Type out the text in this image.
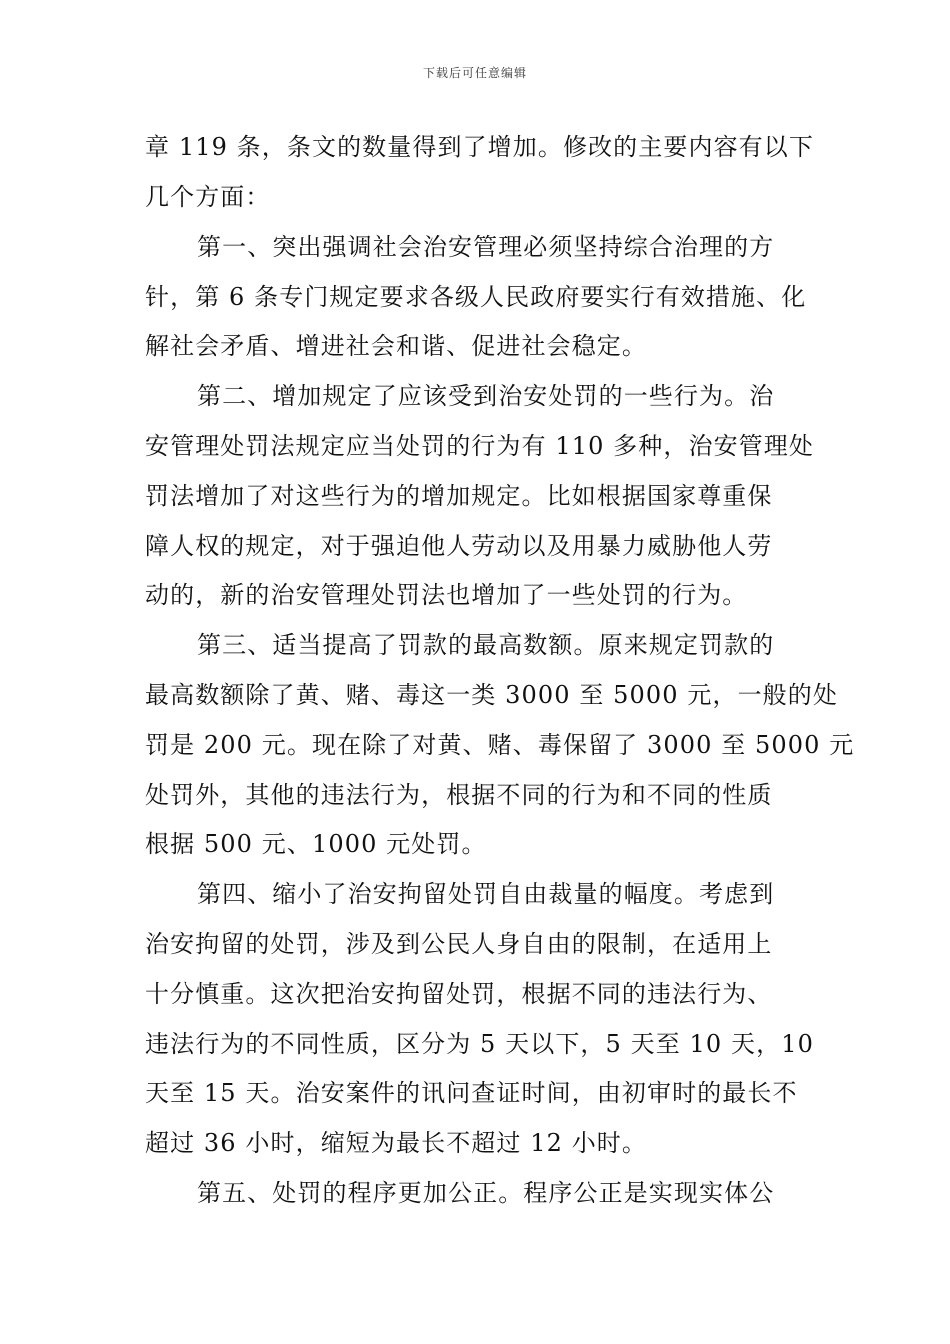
下载后可任意编辑
章 119 条，条文的数量得到了增加。修改的主要内容有以下
几个方面：
第一、突出强调社会治安管理必须坚持综合治理的方
针，第 6 条专门规定要求各级人民政府要实行有效措施、化
解社会矛盾、增进社会和谐、促进社会稳定。
第二、增加规定了应该受到治安处罚的一些行为。治
安管理处罚法规定应当处罚的行为有 110 多种，治安管理处
罚法增加了对这些行为的增加规定。比如根据国家尊重保
障人权的规定，对于强迫他人劳动以及用暴力威胁他人劳
动的，新的治安管理处罚法也增加了一些处罚的行为。
第三、适当提高了罚款的最高数额。原来规定罚款的
最高数额除了黄、赌、毒这一类 3000 至 5000 元，一般的处
罚是 200 元。现在除了对黄、赌、毒保留了 3000 至 5000 元
处罚外，其他的违法行为，根据不同的行为和不同的性质
根据 500 元、1000 元处罚。
第四、缩小了治安拘留处罚自由裁量的幅度。考虑到
治安拘留的处罚，涉及到公民人身自由的限制，在适用上
十分慎重。这次把治安拘留处罚，根据不同的违法行为、
违法行为的不同性质，区分为 5 天以下，5 天至 10 天，10
天至 15 天。治安案件的讯问查证时间，由初审时的最长不
超过 36 小时，缩短为最长不超过 12 小时。
第五、处罚的程序更加公正。程序公正是实现实体公
